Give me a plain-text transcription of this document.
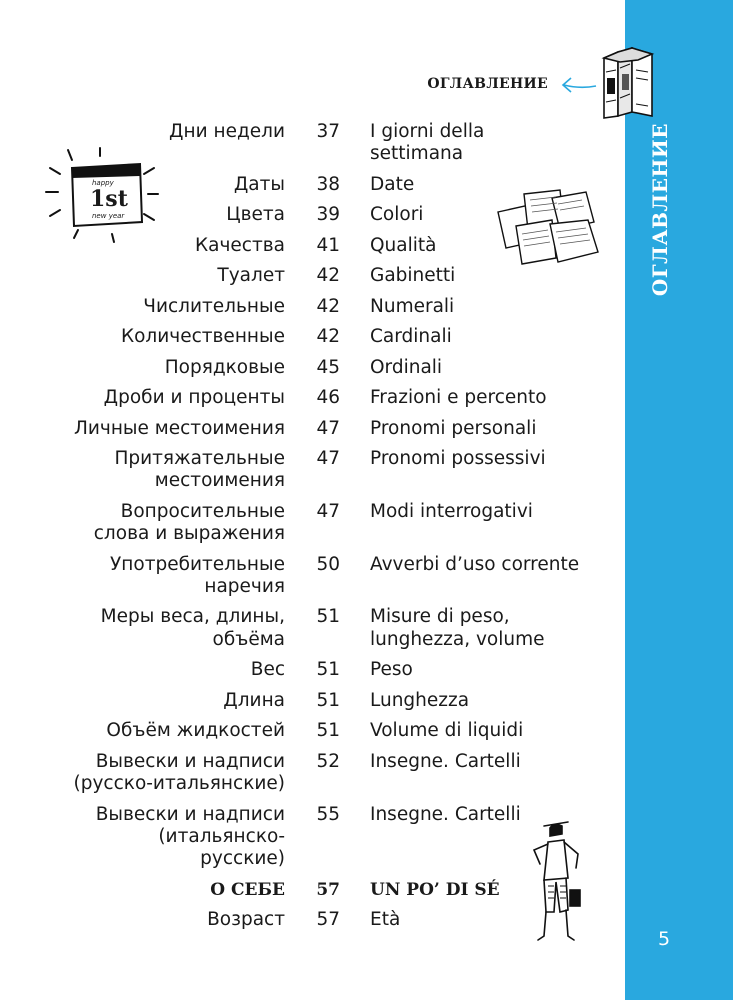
ОГЛАВЛЕНИЕ
5
ОГЛАВЛЕНИЕ
happy
1st
new year
Дни недели	37 I giorni della
settimana
Даты	38 Date
Цвета	39 Colori
Качества	41 Qualità
Туалет	42 Gabinetti
Числительные	42 Numerali
Количественные	42 Cardinali
Порядковые	45 Ordinali
Дроби и проценты	46 Frazioni e percento
Личные местоимения	47 Pronomi personali
Притяжательные
местоимения
47 Pronomi possessivi
Вопросительные
слова и выражения
47 Modi interrogativi
Употребительные
наречия
50 Avverbi d’uso corrente
Меры веса, длины,
объёма
51 Misure di peso,
lunghezza, volume
Вес	51 Peso
Длина	51 Lunghezza
Объём жидкостей	51 Volume di liquidi
Вывески и надписи
(русско-итальянские)
52 Insegne. Cartelli
Вывески и надписи
(итальянско-
русские)
55 Insegne. Cartelli
О СЕБЕ	57 UN PO’ DI SÉ
Возраст	57 Età
